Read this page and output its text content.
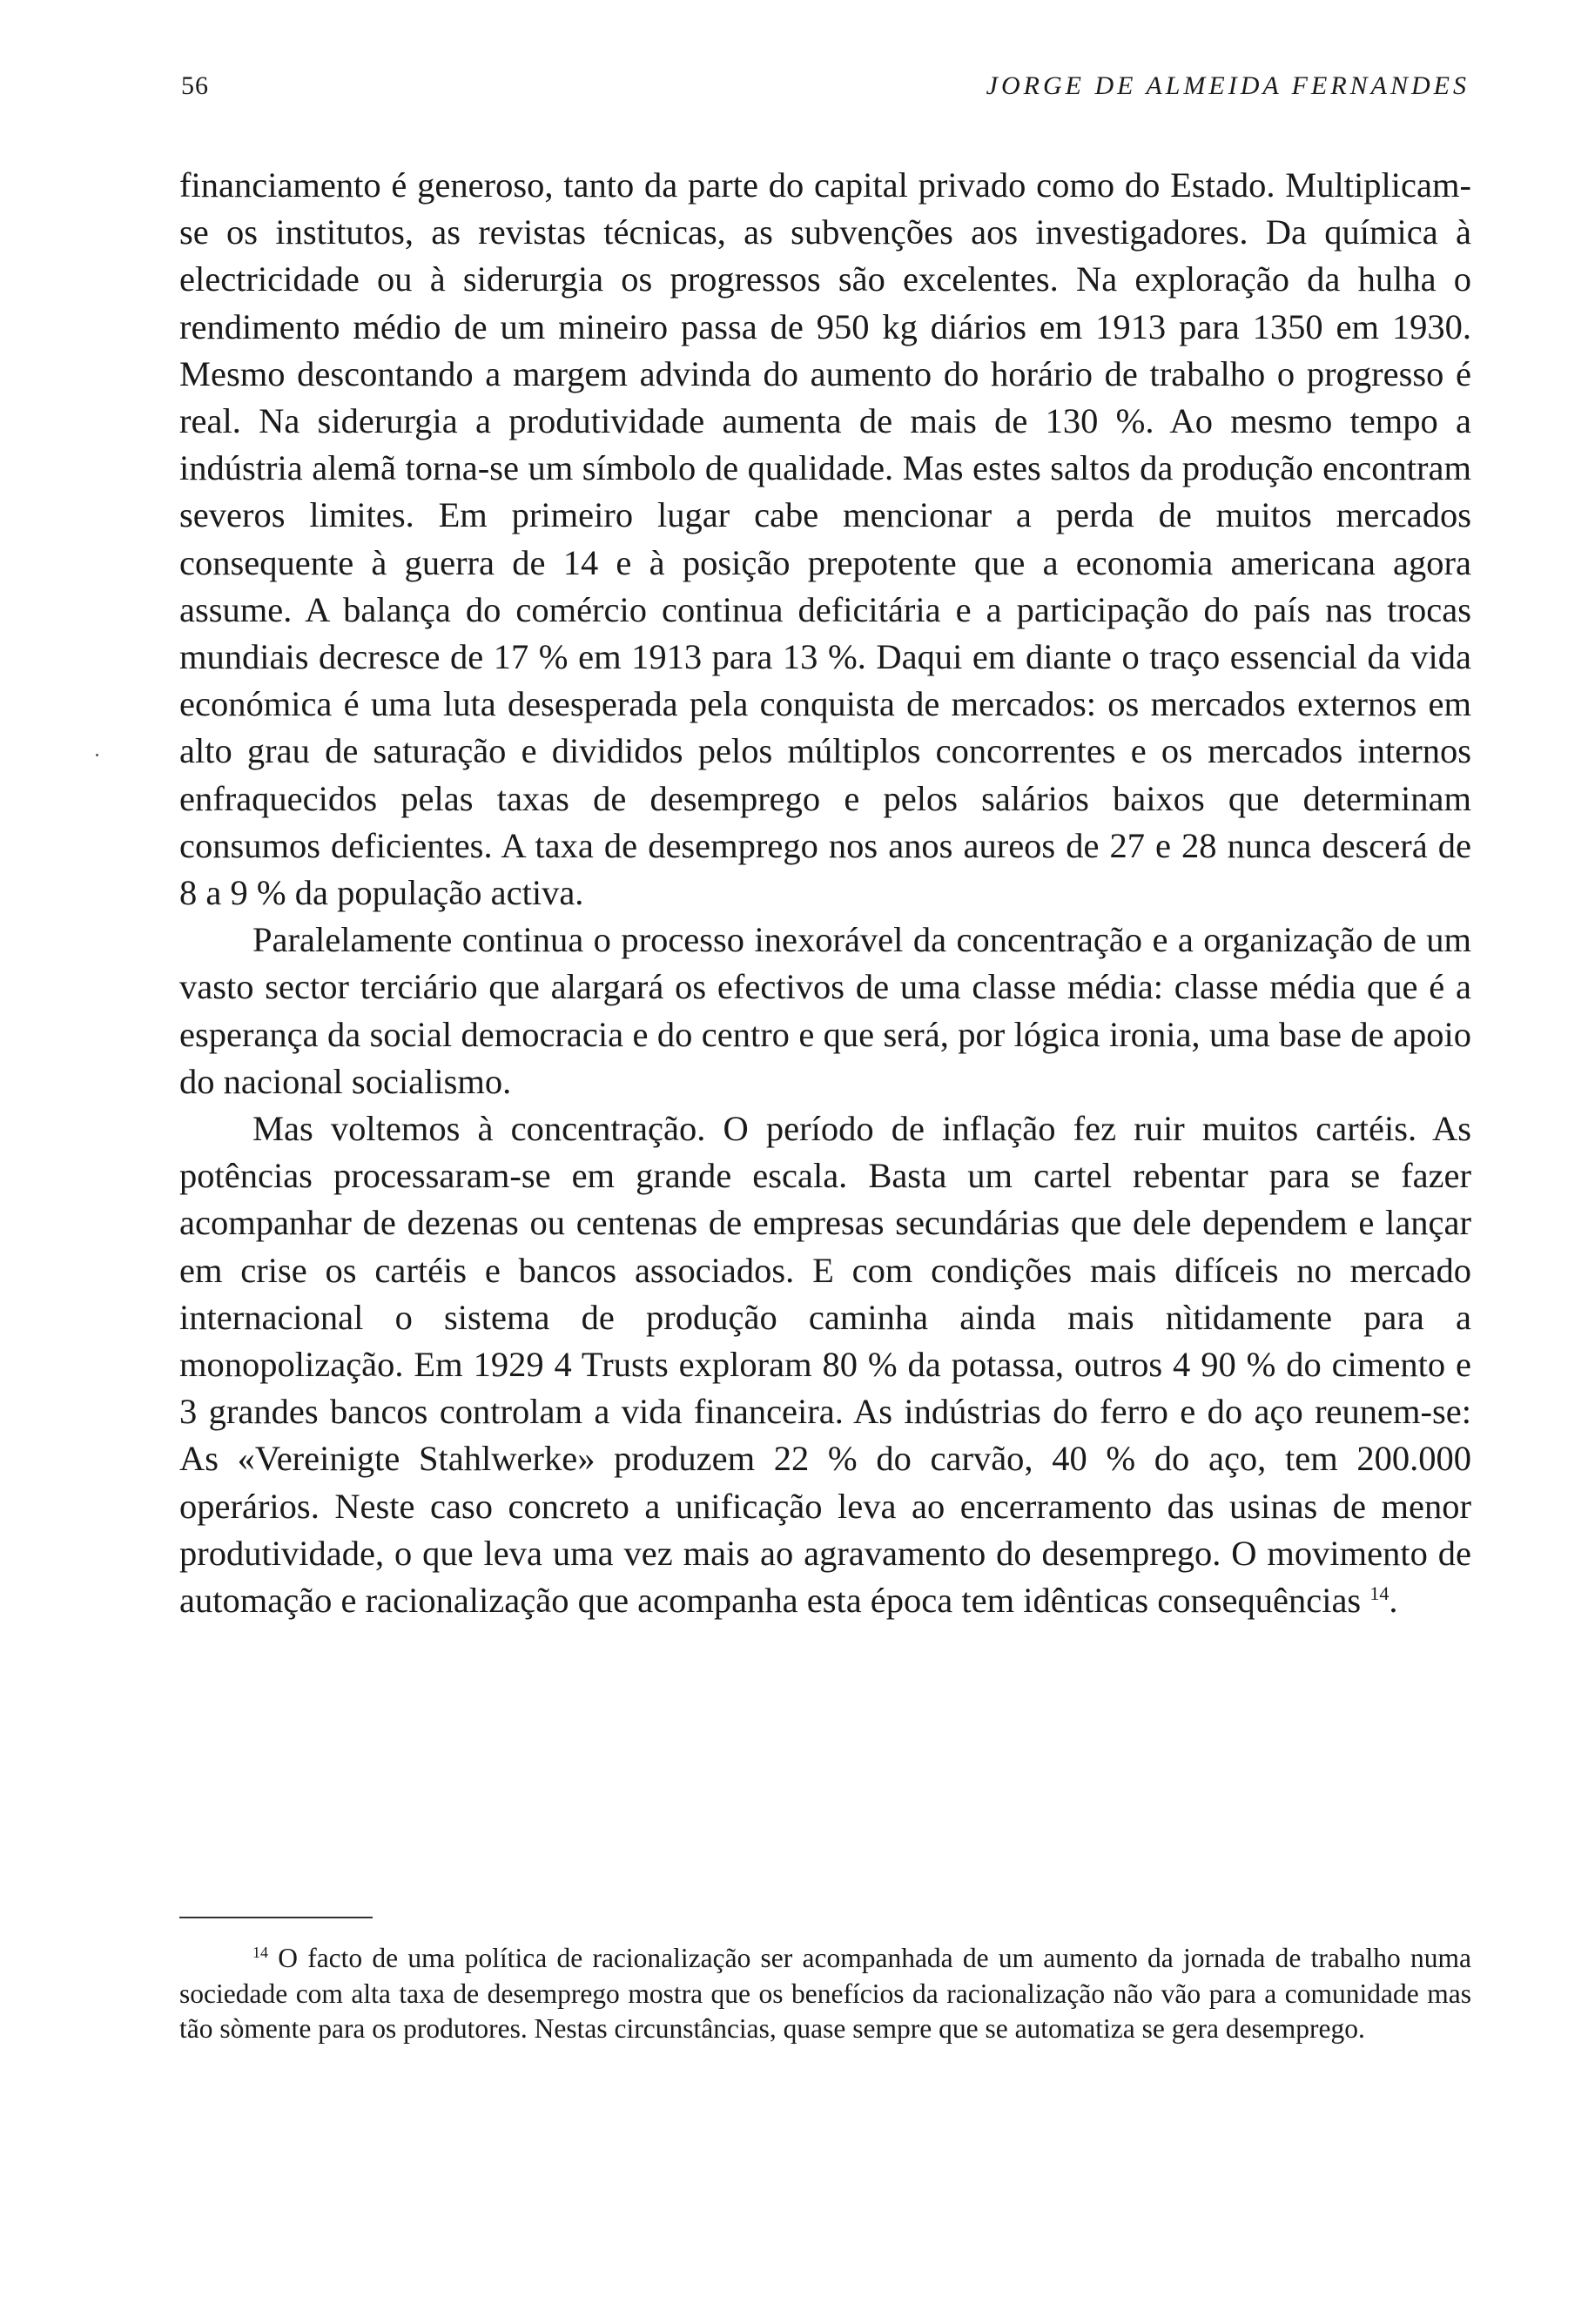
56	JORGE DE ALMEIDA FERNANDES

financiamento é generoso, tanto da parte do capital privado como do Estado. Multiplicam-se os institutos, as revistas técnicas, as subvenções aos investigadores. Da química à electricidade ou à siderurgia os progressos são excelentes. Na exploração da hulha o rendimento médio de um mineiro passa de 950 kg diários em 1913 para 1350 em 1930. Mesmo descontando a margem advinda do aumento do horário de trabalho o progresso é real. Na siderurgia a produtividade aumenta de mais de 130 %. Ao mesmo tempo a indústria alemã torna-se um símbolo de qualidade. Mas estes saltos da produção encontram severos limites. Em primeiro lugar cabe mencionar a perda de muitos mercados consequente à guerra de 14 e à posição prepotente que a economia americana agora assume. A balança do comércio continua deficitária e a participação do país nas trocas mundiais decresce de 17 % em 1913 para 13 %. Daqui em diante o traço essencial da vida económica é uma luta desesperada pela conquista de mercados: os mercados externos em alto grau de saturação e divididos pelos múltiplos concorrentes e os mercados internos enfraquecidos pelas taxas de desemprego e pelos salários baixos que determinam consumos deficientes. A taxa de desemprego nos anos aureos de 27 e 28 nunca descerá de 8 a 9 % da população activa.

Paralelamente continua o processo inexorável da concentração e a organização de um vasto sector terciário que alargará os efectivos de uma classe média: classe média que é a esperança da social democracia e do centro e que será, por lógica ironia, uma base de apoio do nacional socialismo.

Mas voltemos à concentração. O período de inflação fez ruir muitos cartéis. As potências processaram-se em grande escala. Basta um cartel rebentar para se fazer acompanhar de dezenas ou centenas de empresas secundárias que dele dependem e lançar em crise os cartéis e bancos associados. E com condições mais difíceis no mercado internacional o sistema de produção caminha ainda mais nìtidamente para a monopolização. Em 1929 4 Trusts exploram 80 % da potassa, outros 4 90 % do cimento e 3 grandes bancos controlam a vida financeira. As indústrias do ferro e do aço reunem-se: As «Vereinigte Stahlwerke» produzem 22 % do carvão, 40 % do aço, tem 200.000 operários. Neste caso concreto a unificação leva ao encerramento das usinas de menor produtividade, o que leva uma vez mais ao agravamento do desemprego. O movimento de automação e racionalização que acompanha esta época tem idênticas consequências $^{14}$.

$^{14}$ O facto de uma política de racionalização ser acompanhada de um aumento da jornada de trabalho numa sociedade com alta taxa de desemprego mostra que os benefícios da racionalização não vão para a comunidade mas tão sòmente para os produtores. Nestas circunstâncias, quase sempre que se automatiza se gera desemprego.
